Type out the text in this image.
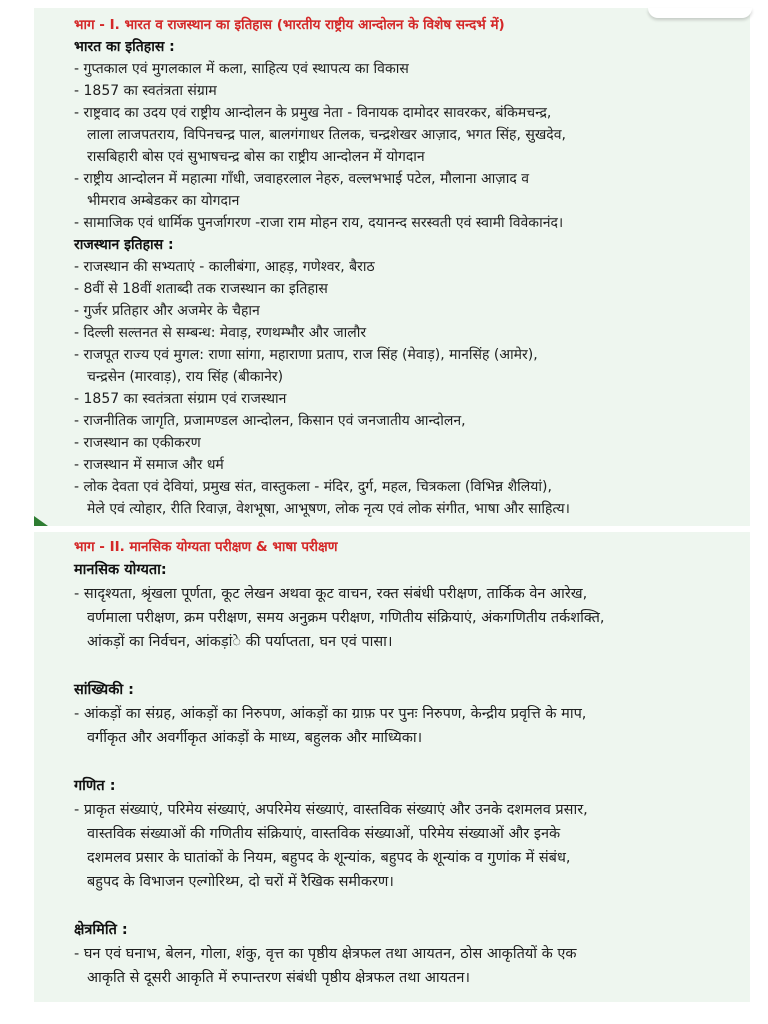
भाग - I. भारत व राजस्थान का इतिहास (भारतीय राष्ट्रीय आन्दोलन के विशेष सन्दर्भ में)

भारत का इतिहास :

- गुप्तकाल एवं मुगलकाल में कला, साहित्य एवं स्थापत्य का विकास

- 1857 का स्वतंत्रता संग्राम

- राष्ट्रवाद का उदय एवं राष्ट्रीय आन्दोलन के प्रमुख नेता - विनायक दामोदर सावरकर, बंकिमचन्द्र,
लाला लाजपतराय, विपिनचन्द्र पाल, बालगंगाधर तिलक, चन्द्रशेखर आज़ाद, भगत सिंह, सुखदेव,
रासबिहारी बोस एवं सुभाषचन्द्र बोस का राष्ट्रीय आन्दोलन में योगदान

- राष्ट्रीय आन्दोलन में महात्मा गाँधी, जवाहरलाल नेहरु, वल्लभभाई पटेल, मौलाना आज़ाद व
भीमराव अम्बेडकर का योगदान

- सामाजिक एवं धार्मिक पुनर्जागरण -राजा राम मोहन राय, दयानन्द सरस्वती एवं स्वामी विवेकानंद।

राजस्थान इतिहास :

- राजस्थान की सभ्यताएं - कालीबंगा, आहड़, गणेश्वर, बैराठ

- 8वीं से 18वीं शताब्दी तक राजस्थान का इतिहास

- गुर्जर प्रतिहार और अजमेर के चैहान

- दिल्ली सल्तनत से सम्बन्ध: मेवाड़, रणथम्भौर और जालौर

- राजपूत राज्य एवं मुगल: राणा सांगा, महाराणा प्रताप, राज सिंह (मेवाड़), मानसिंह (आमेर),
चन्द्रसेन (मारवाड़), राय सिंह (बीकानेर)

- 1857 का स्वतंत्रता संग्राम एवं राजस्थान

- राजनीतिक जागृति, प्रजामण्डल आन्दोलन, किसान एवं जनजातीय आन्दोलन,

- राजस्थान का एकीकरण

- राजस्थान में समाज और धर्म

- लोक देवता एवं देवियां, प्रमुख संत, वास्तुकला - मंदिर, दुर्ग, महल, चित्रकला (विभिन्न शैलियां),
मेले एवं त्योहार, रीति रिवाज़, वेशभूषा, आभूषण, लोक नृत्य एवं लोक संगीत, भाषा और साहित्य।

भाग - II. मानसिक योग्यता परीक्षण & भाषा परीक्षण

मानसिक योग्यता:

- सादृश्यता, श्रृंखला पूर्णता, कूट लेखन अथवा कूट वाचन, रक्त संबंधी परीक्षण, तार्किक वेन आरेख,
वर्णमाला परीक्षण, क्रम परीक्षण, समय अनुक्रम परीक्षण, गणितीय संक्रियाएं, अंकगणितीय तर्कशक्ति,
आंकड़ों का निर्वचन, आंकड़ांे की पर्याप्तता, घन एवं पासा।

सांख्यिकी :

- आंकड़ों का संग्रह, आंकड़ों का निरुपण, आंकड़ों का ग्राफ़ पर पुनः निरुपण, केन्द्रीय प्रवृत्ति के माप,
वर्गीकृत और अवर्गीकृत आंकड़ों के माध्य, बहुलक और माध्यिका।

गणित :

- प्राकृत संख्याएं, परिमेय संख्याएं, अपरिमेय संख्याएं, वास्तविक संख्याएं और उनके दशमलव प्रसार,
वास्तविक संख्याओं की गणितीय संक्रियाएं, वास्तविक संख्याओं, परिमेय संख्याओं और इनके
दशमलव प्रसार के घातांकों के नियम, बहुपद के शून्यांक, बहुपद के शून्यांक व गुणांक में संबंध,
बहुपद के विभाजन एल्गोरिथ्म, दो चरों में रैखिक समीकरण।

क्षेत्रमिति :

- घन एवं घनाभ, बेलन, गोला, शंकु, वृत्त का पृष्ठीय क्षेत्रफल तथा आयतन, ठोस आकृतियों के एक
आकृति से दूसरी आकृति में रुपान्तरण संबंधी पृष्ठीय क्षेत्रफल तथा आयतन।
